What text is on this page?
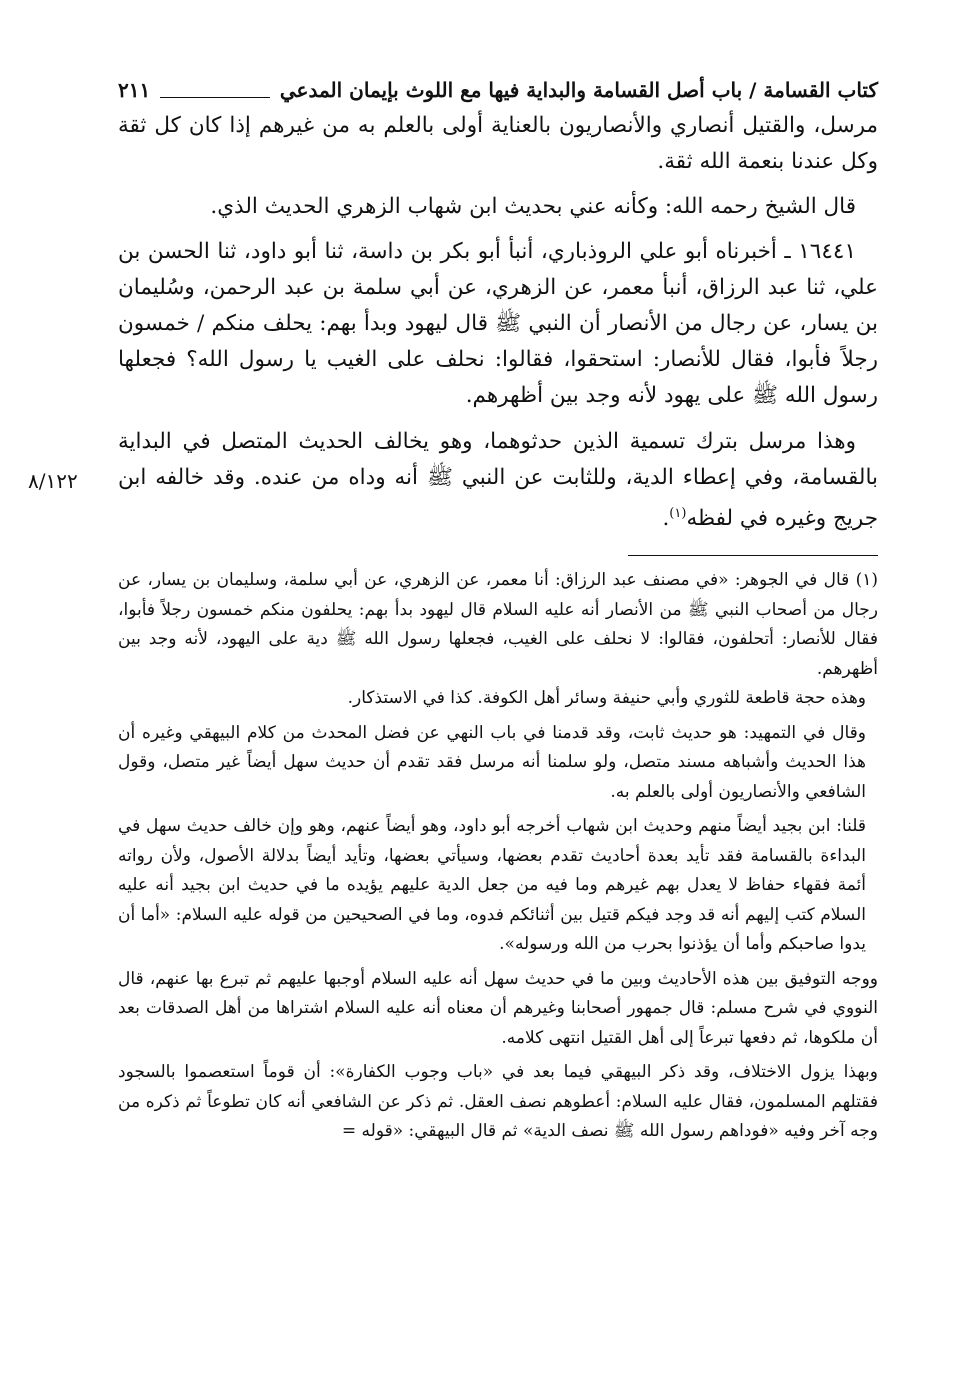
كتاب القسامة / باب أصل القسامة والبداية فيها مع اللوث بإيمان المدعي
٢١١

مرسل، والقتيل أنصاري والأنصاريون بالعناية أولى بالعلم به من غيرهم إذا كان كل ثقة وكل عندنا بنعمة الله ثقة.

قال الشيخ رحمه الله: وكأنه عني بحديث ابن شهاب الزهري الحديث الذي.

١٦٤٤١ ـ أخبرناه أبو علي الروذباري، أنبأ أبو بكر بن داسة، ثنا أبو داود، ثنا الحسن بن علي، ثنا عبد الرزاق، أنبأ معمر، عن الزهري، عن أبي سلمة بن عبد الرحمن، وسُليمان بن يسار، عن رجال من الأنصار أن النبي ﷺ قال ليهود وبدأ بهم: يحلف منكم / خمسون رجلاً فأبوا، فقال للأنصار: استحقوا، فقالوا: نحلف على الغيب يا رسول الله؟ فجعلها رسول الله ﷺ على يهود لأنه وجد بين أظهرهم.

٨/١٢٢

وهذا مرسل بترك تسمية الذين حدثوهما، وهو يخالف الحديث المتصل في البداية بالقسامة، وفي إعطاء الدية، وللثابت عن النبي ﷺ أنه وداه من عنده. وقد خالفه ابن جريج وغيره في لفظه$^{(١)}$.

(١) قال في الجوهر: «في مصنف عبد الرزاق: أنا معمر، عن الزهري، عن أبي سلمة، وسليمان بن يسار، عن رجال من أصحاب النبي ﷺ من الأنصار أنه عليه السلام قال ليهود بدأ بهم: يحلفون منكم خمسون رجلاً فأبوا، فقال للأنصار: أتحلفون، فقالوا: لا نحلف على الغيب، فجعلها رسول الله ﷺ دية على اليهود، لأنه وجد بين أظهرهم.

وهذه حجة قاطعة للثوري وأبي حنيفة وسائر أهل الكوفة. كذا في الاستذكار.

وقال في التمهيد: هو حديث ثابت، وقد قدمنا في باب النهي عن فضل المحدث من كلام البيهقي وغيره أن هذا الحديث وأشباهه مسند متصل، ولو سلمنا أنه مرسل فقد تقدم أن حديث سهل أيضاً غير متصل، وقول الشافعي والأنصاريون أولى بالعلم به.

قلنا: ابن بجيد أيضاً منهم وحديث ابن شهاب أخرجه أبو داود، وهو أيضاً عنهم، وهو وإن خالف حديث سهل في البداءة بالقسامة فقد تأيد بعدة أحاديث تقدم بعضها، وسيأتي بعضها، وتأيد أيضاً بدلالة الأصول، ولأن رواته أئمة فقهاء حفاظ لا يعدل بهم غيرهم وما فيه من جعل الدية عليهم يؤيده ما في حديث ابن بجيد أنه عليه السلام كتب إليهم أنه قد وجد فيكم قتيل بين أثنائكم فدوه، وما في الصحيحين من قوله عليه السلام: «أما أن يدوا صاحبكم وأما أن يؤذنوا بحرب من الله ورسوله».

ووجه التوفيق بين هذه الأحاديث وبين ما في حديث سهل أنه عليه السلام أوجبها عليهم ثم تبرع بها عنهم، قال النووي في شرح مسلم: قال جمهور أصحابنا وغيرهم أن معناه أنه عليه السلام اشتراها من أهل الصدقات بعد أن ملكوها، ثم دفعها تبرعاً إلى أهل القتيل انتهى كلامه.

وبهذا يزول الاختلاف، وقد ذكر البيهقي فيما بعد في «باب وجوب الكفارة»: أن قوماً استعصموا بالسجود فقتلهم المسلمون، فقال عليه السلام: أعطوهم نصف العقل. ثم ذكر عن الشافعي أنه كان تطوعاً ثم ذكره من وجه آخر وفيه «فوداهم رسول الله ﷺ نصف الدية» ثم قال البيهقي: «قوله =
